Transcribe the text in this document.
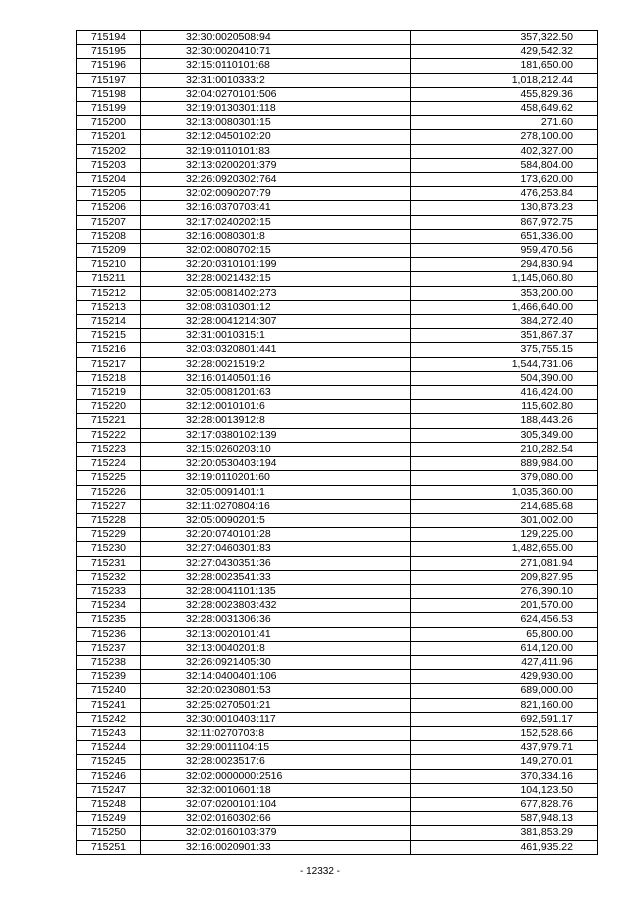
715194	32:30:0020508:94	357,322.50
715195	32:30:0020410:71	429,542.32
715196	32:15:0110101:68	181,650.00
715197	32:31:0010333:2	1,018,212.44
715198	32:04:0270101:506	455,829.36
715199	32:19:0130301:118	458,649.62
715200	32:13:0080301:15	271.60
715201	32:12:0450102:20	278,100.00
715202	32:19:0110101:83	402,327.00
715203	32:13:0200201:379	584,804.00
715204	32:26:0920302:764	173,620.00
715205	32:02:0090207:79	476,253.84
715206	32:16:0370703:41	130,873.23
715207	32:17:0240202:15	867,972.75
715208	32:16:0080301:8	651,336.00
715209	32:02:0080702:15	959,470.56
715210	32:20:0310101:199	294,830.94
715211	32:28:0021432:15	1,145,060.80
715212	32:05:0081402:273	353,200.00
715213	32:08:0310301:12	1,466,640.00
715214	32:28:0041214:307	384,272.40
715215	32:31:0010315:1	351,867.37
715216	32:03:0320801:441	375,755.15
715217	32:28:0021519:2	1,544,731.06
715218	32:16:0140501:16	504,390.00
715219	32:05:0081201:63	416,424.00
715220	32:12:0010101:6	115,602.80
715221	32:28:0013912:8	188,443.26
715222	32:17:0380102:139	305,349.00
715223	32:15:0260203:10	210,282.54
715224	32:20:0530403:194	889,984.00
715225	32:19:0110201:60	379,080.00
715226	32:05:0091401:1	1,035,360.00
715227	32:11:0270804:16	214,685.68
715228	32:05:0090201:5	301,002.00
715229	32:20:0740101:28	129,225.00
715230	32:27:0460301:83	1,482,655.00
715231	32:27:0430351:36	271,081.94
715232	32:28:0023541:33	209,827.95
715233	32:28:0041101:135	276,390.10
715234	32:28:0023803:432	201,570.00
715235	32:28:0031306:36	624,456.53
715236	32:13:0020101:41	65,800.00
715237	32:13:0040201:8	614,120.00
715238	32:26:0921405:30	427,411.96
715239	32:14:0400401:106	429,930.00
715240	32:20:0230801:53	689,000.00
715241	32:25:0270501:21	821,160.00
715242	32:30:0010403:117	692,591.17
715243	32:11:0270703:8	152,528.66
715244	32:29:0011104:15	437,979.71
715245	32:28:0023517:6	149,270.01
715246	32:02:0000000:2516	370,334.16
715247	32:32:0010601:18	104,123.50
715248	32:07:0200101:104	677,828.76
715249	32:02:0160302:66	587,948.13
715250	32:02:0160103:379	381,853.29
715251	32:16:0020901:33	461,935.22
- 12332 -
